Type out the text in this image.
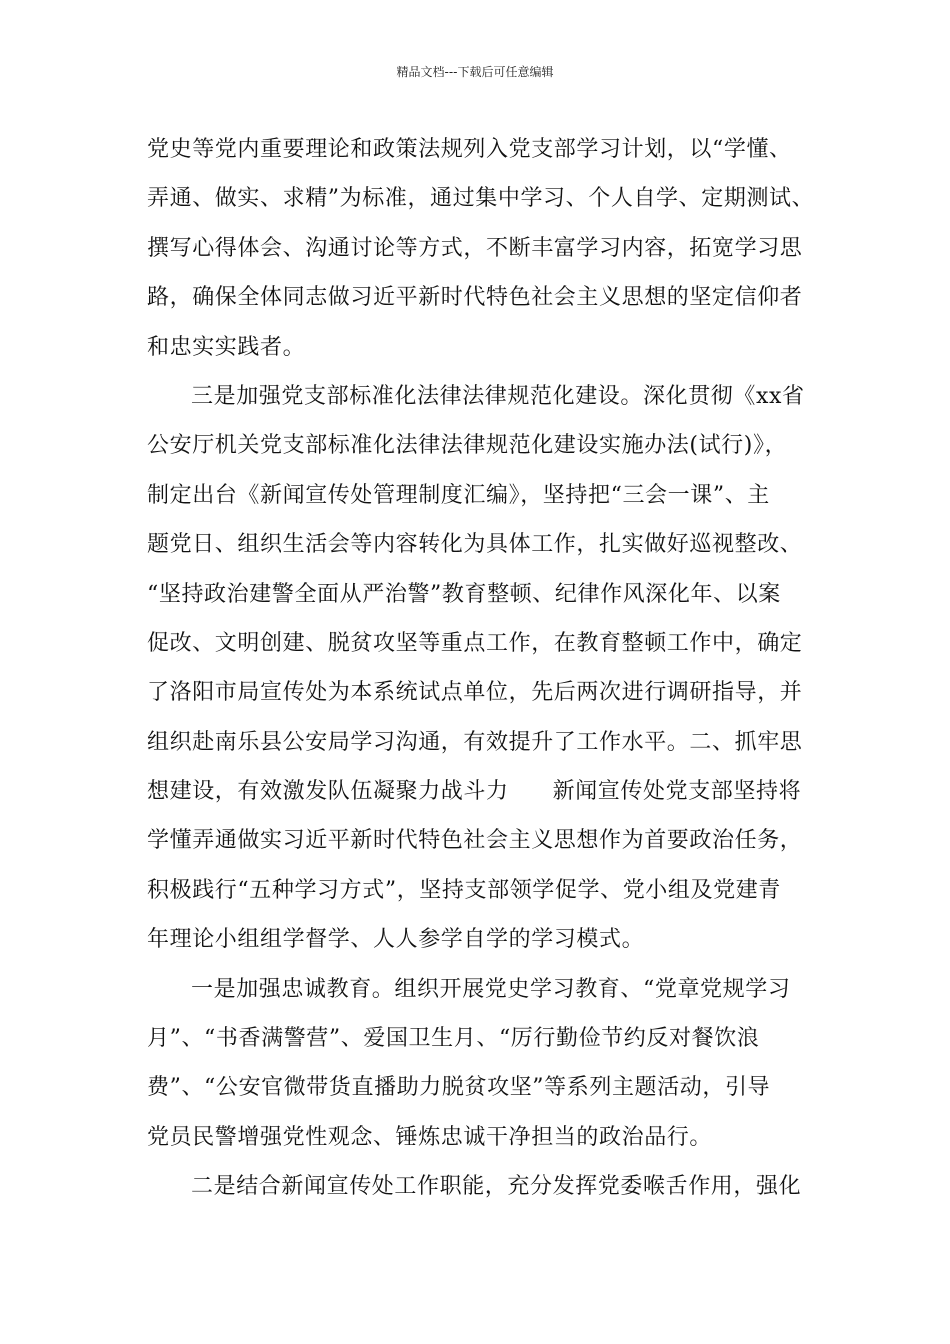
精品文档---下载后可任意编辑
党史等党内重要理论和政策法规列入党支部学习计划，以“学懂、
弄通、做实、求精”为标准，通过集中学习、个人自学、定期测试、
撰写心得体会、沟通讨论等方式，不断丰富学习内容，拓宽学习思
路，确保全体同志做习近平新时代特色社会主义思想的坚定信仰者
和忠实实践者。
三是加强党支部标准化法律法律规范化建设。深化贯彻《xx省
公安厅机关党支部标准化法律法律规范化建设实施办法(试行)》，
制定出台《新闻宣传处管理制度汇编》，坚持把“三会一课”、主
题党日、组织生活会等内容转化为具体工作，扎实做好巡视整改、
“坚持政治建警全面从严治警”教育整顿、纪律作风深化年、以案
促改、文明创建、脱贫攻坚等重点工作，在教育整顿工作中，确定
了洛阳市局宣传处为本系统试点单位，先后两次进行调研指导，并
组织赴南乐县公安局学习沟通，有效提升了工作水平。二、抓牢思
想建设，有效激发队伍凝聚力战斗力 新闻宣传处党支部坚持将
学懂弄通做实习近平新时代特色社会主义思想作为首要政治任务，
积极践行“五种学习方式”，坚持支部领学促学、党小组及党建青
年理论小组组学督学、人人参学自学的学习模式。
一是加强忠诚教育。组织开展党史学习教育、“党章党规学习
月”、“书香满警营”、爱国卫生月、“厉行勤俭节约反对餐饮浪
费”、“公安官微带货直播助力脱贫攻坚”等系列主题活动，引导
党员民警增强党性观念、锤炼忠诚干净担当的政治品行。
二是结合新闻宣传处工作职能，充分发挥党委喉舌作用，强化
